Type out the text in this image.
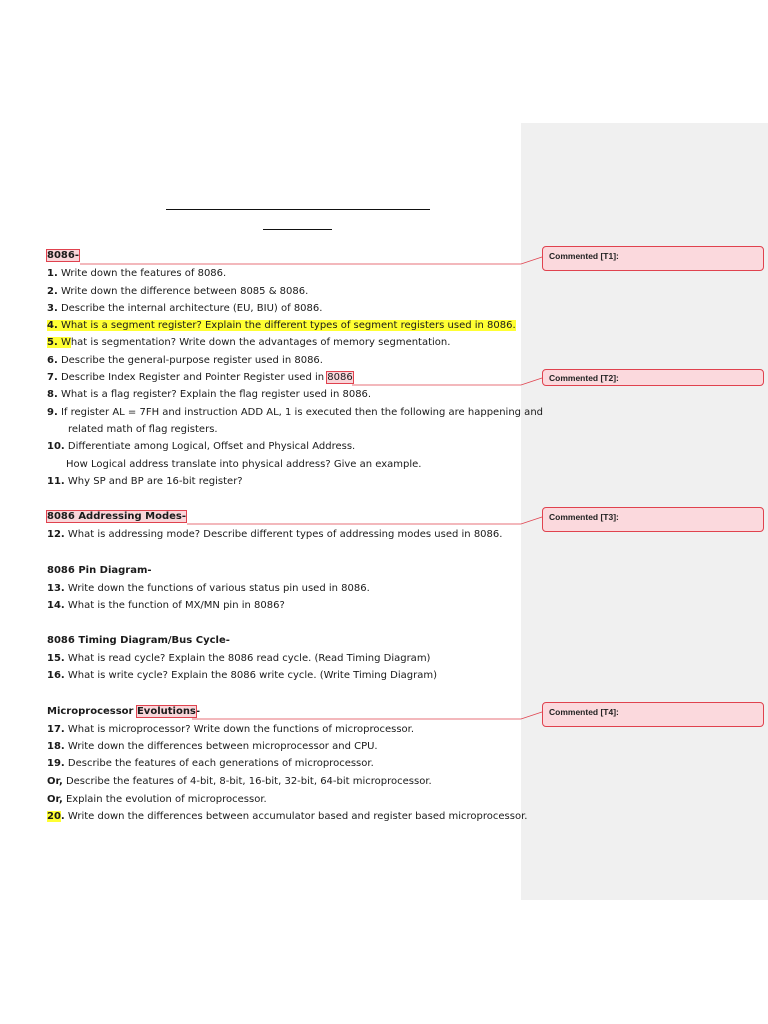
8086-
1. Write down the features of 8086.
2. Write down the difference between 8085 & 8086.
3. Describe the internal architecture (EU, BIU) of 8086.
4. What is a segment register? Explain the different types of segment registers used in 8086.
5. What is segmentation? Write down the advantages of memory segmentation.
6. Describe the general-purpose register used in 8086.
7. Describe Index Register and Pointer Register used in 8086
8. What is a flag register? Explain the flag register used in 8086.
9. If register AL = 7FH and instruction ADD AL, 1 is executed then the following are happening and
related math of flag registers.
10. Differentiate among Logical, Offset and Physical Address.
How Logical address translate into physical address? Give an example.
11. Why SP and BP are 16-bit register?
8086 Addressing Modes-
12. What is addressing mode? Describe different types of addressing modes used in 8086.
8086 Pin Diagram-
13. Write down the functions of various status pin used in 8086.
14. What is the function of MX/MN pin in 8086?
8086 Timing Diagram/Bus Cycle-
15. What is read cycle? Explain the 8086 read cycle. (Read Timing Diagram)
16. What is write cycle? Explain the 8086 write cycle. (Write Timing Diagram)
Microprocessor Evolutions-
17. What is microprocessor? Write down the functions of microprocessor.
18. Write down the differences between microprocessor and CPU.
19. Describe the features of each generations of microprocessor.
Or, Describe the features of 4-bit, 8-bit, 16-bit, 32-bit, 64-bit microprocessor.
Or, Explain the evolution of microprocessor.
20. Write down the differences between accumulator based and register based microprocessor.
Commented [T1]:
Commented [T2]:
Commented [T3]:
Commented [T4]:
